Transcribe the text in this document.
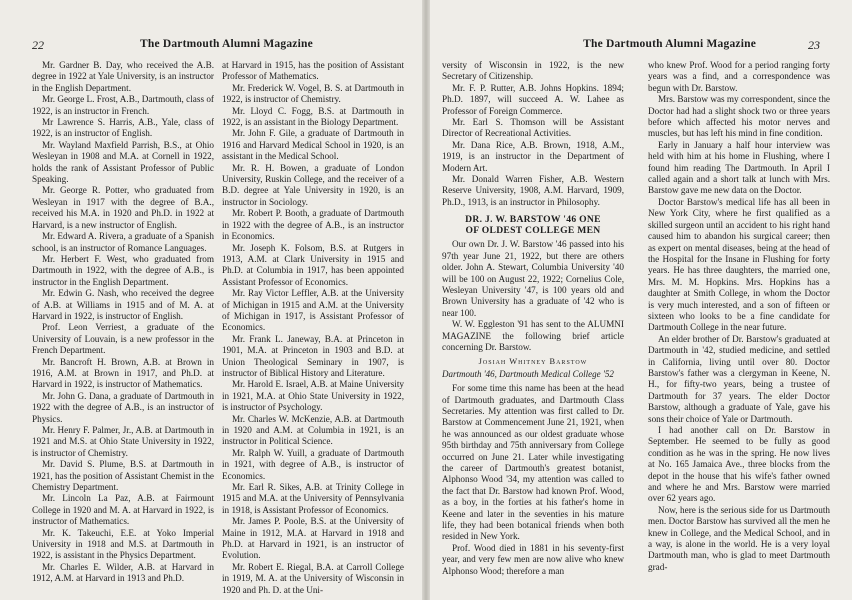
22	The Dartmouth Alumni Magazine

Mr. Gardner B. Day, who received the A.B. degree in 1922 at Yale University, is an instructor in the English Department.

Mr. George L. Frost, A.B., Dartmouth, class of 1922, is an instructor in French.

Mr Lawrence S. Harris, A.B., Yale, class of 1922, is an instructor of English.

Mr. Wayland Maxfield Parrish, B.S., at Ohio Wesleyan in 1908 and M.A. at Cornell in 1922, holds the rank of Assistant Professor of Public Speaking.

Mr. George R. Potter, who graduated from Wesleyan in 1917 with the degree of B.A., received his M.A. in 1920 and Ph.D. in 1922 at Harvard, is a new instructor of English.

Mr. Edward A. Rivera, a graduate of a Spanish school, is an instructor of Romance Languages.

Mr. Herbert F. West, who graduated from Dartmouth in 1922, with the degree of A.B., is instructor in the English Department.

Mr. Edwin G. Nash, who received the degree of A.B. at Williams in 1915 and of M. A. at Harvard in 1922, is instructor of English.

Prof. Leon Verriest, a graduate of the University of Louvain, is a new professor in the French Department.

Mr. Bancroft H. Brown, A.B. at Brown in 1916, A.M. at Brown in 1917, and Ph.D. at Harvard in 1922, is instructor of Mathematics.

Mr. John G. Dana, a graduate of Dartmouth in 1922 with the degree of A.B., is an instructor of Physics.

Mr. Henry F. Palmer, Jr., A.B. at Dartmouth in 1921 and M.S. at Ohio State University in 1922, is instructor of Chemistry.

Mr. David S. Plume, B.S. at Dartmouth in 1921, has the position of Assistant Chemist in the Chemistry Department.

Mr. Lincoln La Paz, A.B. at Fairmount College in 1920 and M. A. at Harvard in 1922, is instructor of Mathematics.

Mr. K. Takeuchi, E.E. at Yoko Imperial University in 1918 and M.S. at Dartmouth in 1922, is assistant in the Physics Department.

Mr. Charles E. Wilder, A.B. at Harvard in 1912, A.M. at Harvard in 1913 and Ph.D.

at Harvard in 1915, has the position of Assistant Professor of Mathematics.

Mr. Frederick W. Vogel, B. S. at Dartmouth in 1922, is instructor of Chemistry.

Mr. Lloyd C. Fogg, B.S. at Dartmouth in 1922, is an assistant in the Biology Department.

Mr. John F. Gile, a graduate of Dartmouth in 1916 and Harvard Medical School in 1920, is an assistant in the Medical School.

Mr. R. H. Bowen, a graduate of London University, Ruskin College, and the receiver of a B.D. degree at Yale University in 1920, is an instructor in Sociology.

Mr. Robert P. Booth, a graduate of Dartmouth in 1922 with the degree of A.B., is an instructor in Economics.

Mr. Joseph K. Folsom, B.S. at Rutgers in 1913, A.M. at Clark University in 1915 and Ph.D. at Columbia in 1917, has been appointed Assistant Professor of Economics.

Mr. Ray Victor Leffler, A.B. at the University of Michigan in 1915 and A.M. at the University of Michigan in 1917, is Assistant Professor of Economics.

Mr. Frank L. Janeway, B.A. at Princeton in 1901, M.A. at Princeton in 1903 and B.D. at Union Theological Seminary in 1907, is instructor of Biblical History and Literature.

Mr. Harold E. Israel, A.B. at Maine University in 1921, M.A. at Ohio State University in 1922, is instructor of Psychology.

Mr. Charles W. McKenzie, A.B. at Dartmouth in 1920 and A.M. at Columbia in 1921, is an instructor in Political Science.

Mr. Ralph W. Yuill, a graduate of Dartmouth in 1921, with degree of A.B., is instructor of Economics.

Mr. Earl R. Sikes, A.B. at Trinity College in 1915 and M.A. at the University of Pennsylvania in 1918, is Assistant Professor of Economics.

Mr. James P. Poole, B.S. at the University of Maine in 1912, M.A. at Harvard in 1918 and Ph.D. at Harvard in 1921, is an instructor of Evolution.

Mr. Robert E. Riegal, B.A. at Carroll College in 1919, M. A. at the University of Wisconsin in 1920 and Ph. D. at the Uni-

The Dartmouth Alumni Magazine	23

versity of Wisconsin in 1922, is the new Secretary of Citizenship.

Mr. F. P. Rutter, A.B. Johns Hopkins. 1894; Ph.D. 1897, will succeed A. W. Lahee as Professor of Foreign Commerce.

Mr. Earl S. Thomson will be Assistant Director of Recreational Activities.

Mr. Dana Rice, A.B. Brown, 1918, A.M., 1919, is an instructor in the Department of Modern Art.

Mr. Donald Warren Fisher, A.B. Western Reserve University, 1908, A.M. Harvard, 1909, Ph.D., 1913, is an instructor in Philosophy.

DR. J. W. BARSTOW '46 ONE
OF OLDEST COLLEGE MEN

Our own Dr. J. W. Barstow '46 passed into his 97th year June 21, 1922, but there are others older. John A. Stewart, Columbia University '40 will be 100 on August 22, 1922; Cornelius Cole, Wesleyan University '47, is 100 years old and Brown University has a graduate of '42 who is near 100.

W. W. Eggleston '91 has sent to the ALUMNI MAGAZINE the following brief article concerning Dr. Barstow.

Josiah Whitney Barstow
Dartmouth '46, Dartmouth Medical College '52

For some time this name has been at the head of Dartmouth graduates, and Dartmouth Class Secretaries. My attention was first called to Dr. Barstow at Commencement June 21, 1921, when he was announced as our oldest graduate whose 95th birthday and 75th anniversary from College occurred on June 21. Later while investigating the career of Dartmouth's greatest botanist, Alphonso Wood '34, my attention was called to the fact that Dr. Barstow had known Prof. Wood, as a boy, in the forties at his father's home in Keene and later in the seventies in his mature life, they had been botanical friends when both resided in New York.

Prof. Wood died in 1881 in his seventy-first year, and very few men are now alive who knew Alphonso Wood; therefore a man

who knew Prof. Wood for a period ranging forty years was a find, and a correspondence was begun with Dr. Barstow.

Mrs. Barstow was my correspondent, since the Doctor had had a slight shock two or three years before which affected his motor nerves and muscles, but has left his mind in fine condition.

Early in January a half hour interview was held with him at his home in Flushing, where I found him reading The Dartmouth. In April I called again and a short talk at lunch with Mrs. Barstow gave me new data on the Doctor.

Doctor Barstow's medical life has all been in New York City, where he first qualified as a skilled surgeon until an accident to his right hand caused him to abandon his surgical career; then as expert on mental diseases, being at the head of the Hospital for the Insane in Flushing for forty years. He has three daughters, the married one, Mrs. M. M. Hopkins. Mrs. Hopkins has a daughter at Smith College, in whom the Doctor is very much interested, and a son of fifteen or sixteen who looks to be a fine candidate for Dartmouth College in the near future.

An elder brother of Dr. Barstow's graduated at Dartmouth in '42, studied medicine, and settled in California, living until over 80. Doctor Barstow's father was a clergyman in Keene, N. H., for fifty-two years, being a trustee of Dartmouth for 37 years. The elder Doctor Barstow, although a graduate of Yale, gave his sons their choice of Yale or Dartmouth.

I had another call on Dr. Barstow in September. He seemed to be fully as good condition as he was in the spring. He now lives at No. 165 Jamaica Ave., three blocks from the depot in the house that his wife's father owned and where he and Mrs. Barstow were married over 62 years ago.

Now, here is the serious side for us Dartmouth men. Doctor Barstow has survived all the men he knew in College, and the Medical School, and in a way, is alone in the world. He is a very loyal Dartmouth man, who is glad to meet Dartmouth grad-
